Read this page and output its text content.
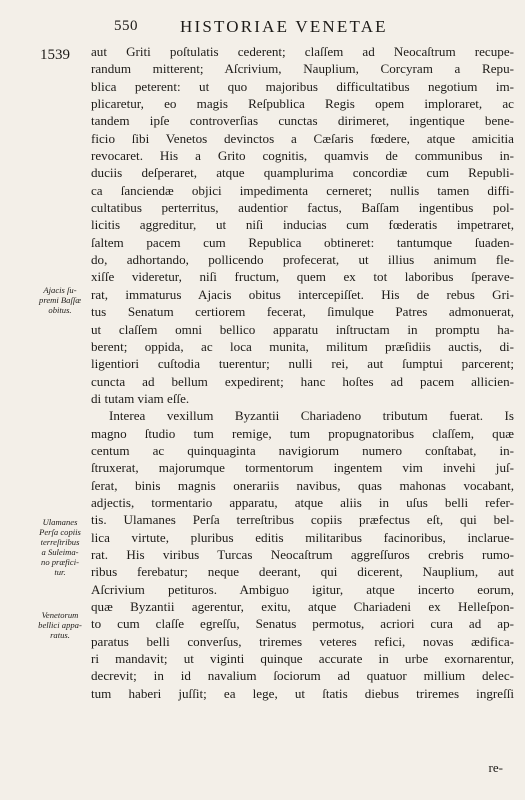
550 HISTORIAE VENETAE
1539
Ajacis ſu-
premi Baſſæ
obitus.
Ulamanes
Perſa copiis
terreſtribus
a Suleima-
no præfici-
tur.
Venetorum
bellici appa-
ratus.
aut Griti poſtulatis cederent; claſſem ad Neocaſtrum recupe-
randum mitterent; Aſcrivium, Nauplium, Corcyram a Repu-
blica peterent: ut quo majoribus difficultatibus negotium im-
plicaretur, eo magis Reſpublica Regis opem imploraret, ac
tandem ipſe controverſias cunctas dirimeret, ingentique bene-
ficio ſibi Venetos devinctos a Cæſaris fœdere, atque amicitia
revocaret. His a Grito cognitis, quamvis de communibus in-
duciis deſperaret, atque quamplurima concordiæ cum Republi-
ca ſanciendæ objici impedimenta cerneret; nullis tamen diffi-
cultatibus perterritus, audentior factus, Baſſam ingentibus pol-
licitis aggreditur, ut niſi inducias cum fœderatis impetraret,
ſaltem pacem cum Republica obtineret: tantumque ſuaden-
do, adhortando, pollicendo profecerat, ut illius animum fle-
xiſſe videretur, niſi fructum, quem ex tot laboribus ſperave-
rat, immaturus Ajacis obitus intercepiſſet. His de rebus Gri-
tus Senatum certiorem fecerat, ſimulque Patres admonuerat,
ut claſſem omni bellico apparatu inſtructam in promptu ha-
berent; oppida, ac loca munita, militum præſidiis auctis, di-
ligentiori cuſtodia tuerentur; nulli rei, aut ſumptui parcerent;
cuncta ad bellum expedirent; hanc hoſtes ad pacem allicien-
di tutam viam eſſe.
Interea vexillum Byzantii Chariadeno tributum fuerat. Is
magno ſtudio tum remige, tum propugnatoribus claſſem, quæ
centum ac quinquaginta navigiorum numero conſtabat, in-
ſtruxerat, majorumque tormentorum ingentem vim invehi juſ-
ſerat, binis magnis onerariis navibus, quas mahonas vocabant,
adjectis, tormentario apparatu, atque aliis in uſus belli refer-
tis. Ulamanes Perſa terreſtribus copiis præfectus eſt, qui bel-
lica virtute, pluribus editis militaribus facinoribus, inclarue-
rat. His viribus Turcas Neocaſtrum aggreſſuros crebris rumo-
ribus ferebatur; neque deerant, qui dicerent, Nauplium, aut
Aſcrivium petituros. Ambiguo igitur, atque incerto eorum,
quæ Byzantii agerentur, exitu, atque Chariadeni ex Helleſpon-
to cum claſſe egreſſu, Senatus permotus, acriori cura ad ap-
paratus belli converſus, triremes veteres refici, novas ædifica-
ri mandavit; ut viginti quinque accurate in urbe exornarentur,
decrevit; in id navalium ſociorum ad quatuor millium delec-
tum haberi juſſit; ea lege, ut ſtatis diebus triremes ingreſſi
re-
